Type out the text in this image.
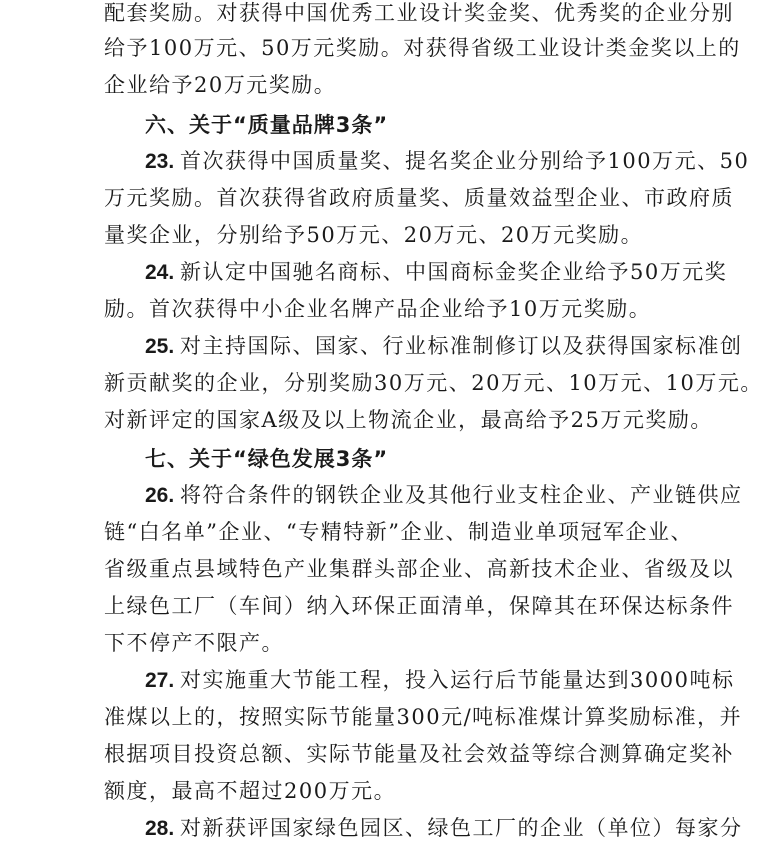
配套奖励。对获得中国优秀工业设计奖金奖、优秀奖的企业分别
给予100万元、50万元奖励。对获得省级工业设计类金奖以上的
企业给予20万元奖励。
六、关于“质量品牌3条”
23. 首次获得中国质量奖、提名奖企业分别给予100万元、50
万元奖励。首次获得省政府质量奖、质量效益型企业、市政府质
量奖企业，分别给予50万元、20万元、20万元奖励。
24. 新认定中国驰名商标、中国商标金奖企业给予50万元奖
励。首次获得中小企业名牌产品企业给予10万元奖励。
25. 对主持国际、国家、行业标准制修订以及获得国家标准创
新贡献奖的企业，分别奖励30万元、20万元、10万元、10万元。
对新评定的国家A级及以上物流企业，最高给予25万元奖励。
七、关于“绿色发展3条”
26. 将符合条件的钢铁企业及其他行业支柱企业、产业链供应
链“白名单”企业、“专精特新”企业、制造业单项冠军企业、
省级重点县域特色产业集群头部企业、高新技术企业、省级及以
上绿色工厂（车间）纳入环保正面清单，保障其在环保达标条件
下不停产不限产。
27. 对实施重大节能工程，投入运行后节能量达到3000吨标
准煤以上的，按照实际节能量300元/吨标准煤计算奖励标准，并
根据项目投资总额、实际节能量及社会效益等综合测算确定奖补
额度，最高不超过200万元。
28. 对新获评国家绿色园区、绿色工厂的企业（单位）每家分
